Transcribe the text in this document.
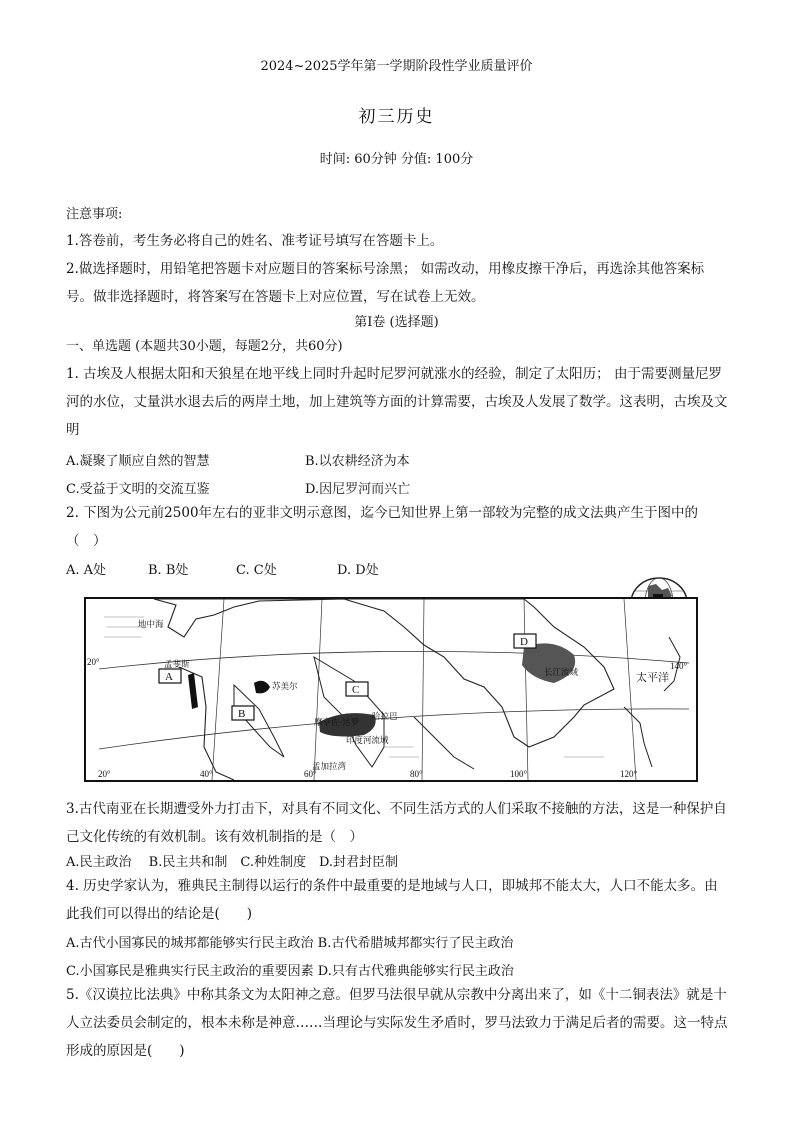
2024~2025学年第一学期阶段性学业质量评价
初三历史
时间: 60分钟 分值: 100分
注意事项:
1.答卷前，考生务必将自己的姓名、准考证号填写在答题卡上。
2.做选择题时，用铅笔把答题卡对应题目的答案标号涂黑； 如需改动，用橡皮擦干净后，再选涂其他答案标号。做非选择题时，将答案写在答题卡上对应位置，写在试卷上无效。
第Ⅰ卷 (选择题)
一、单选题 (本题共30小题，每题2分，共60分)
1. 古埃及人根据太阳和天狼星在地平线上同时升起时尼罗河就涨水的经验，制定了太阳历； 由于需要测量尼罗河的水位，丈量洪水退去后的两岸土地，加上建筑等方面的计算需要，古埃及人发展了数学。这表明，古埃及文明
A.凝聚了顺应自然的智慧	B.以农耕经济为本
C.受益于文明的交流互鉴	D.因尼罗河而兴亡
2. 下图为公元前2500年左右的亚非文明示意图，迄今已知世界上第一部较为完整的成文法典产生于图中的（　）
A. A处	B. B处	C. C处	D. D处
A
B
C
D
地中海
孟斐斯
苏美尔
摩亨佐·达罗
哈拉巴
印度河流域
孟加拉湾
长江流域	太平洋
20°
20°	40°	60°	80°	100°	120°
140°
3.古代南亚在长期遭受外力打击下，对具有不同文化、不同生活方式的人们采取不接触的方法，这是一种保护自己文化传统的有效机制。该有效机制指的是（　）
A.民主政治　 B.民主共和制　C.种姓制度　D.封君封臣制
4. 历史学家认为，雅典民主制得以运行的条件中最重要的是地域与人口，即城邦不能太大，人口不能太多。由此我们可以得出的结论是(　　)
A.古代小国寡民的城邦都能够实行民主政治 B.古代希腊城邦都实行了民主政治
C.小国寡民是雅典实行民主政治的重要因素 D.只有古代雅典能够实行民主政治
5.《汉谟拉比法典》中称其条文为太阳神之意。但罗马法很早就从宗教中分离出来了，如《十二铜表法》就是十人立法委员会制定的，根本未称是神意……当理论与实际发生矛盾时，罗马法致力于满足后者的需要。这一特点形成的原因是(　　)
